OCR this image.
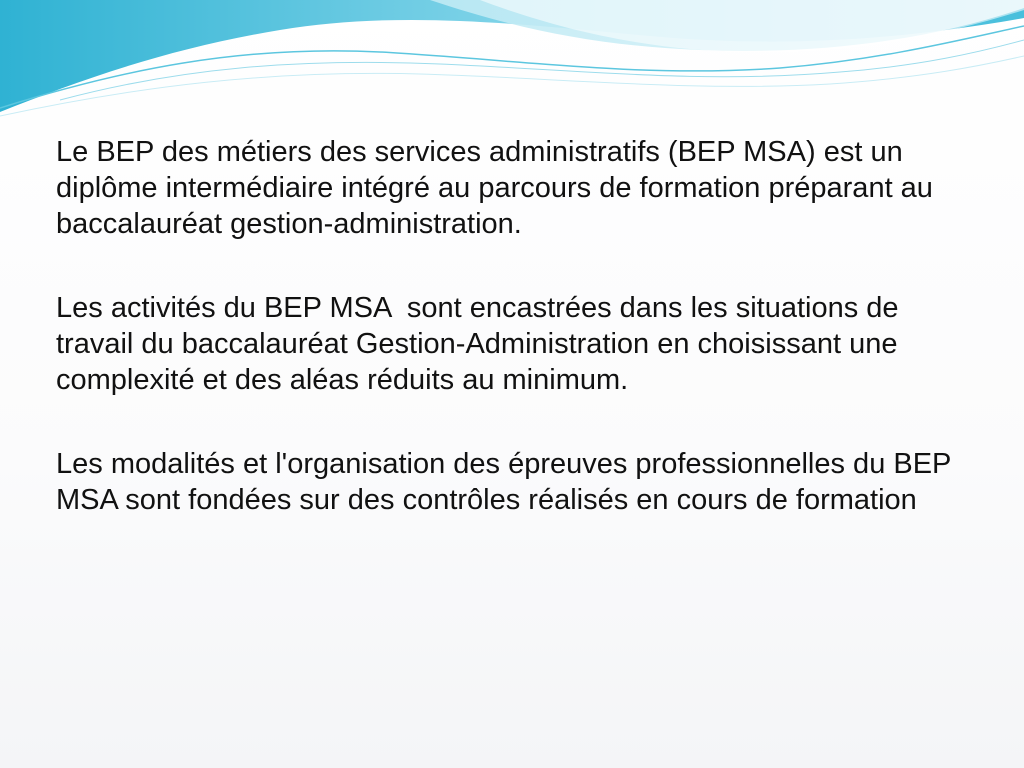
Le BEP des métiers des services administratifs (BEP MSA) est un diplôme intermédiaire intégré au parcours de formation préparant au baccalauréat gestion-administration.

Les activités du BEP MSA  sont encastrées dans les situations de travail du baccalauréat Gestion-Administration en choisissant une complexité et des aléas réduits au minimum.

Les modalités et l'organisation des épreuves professionnelles du BEP MSA sont fondées sur des contrôles réalisés en cours de formation
